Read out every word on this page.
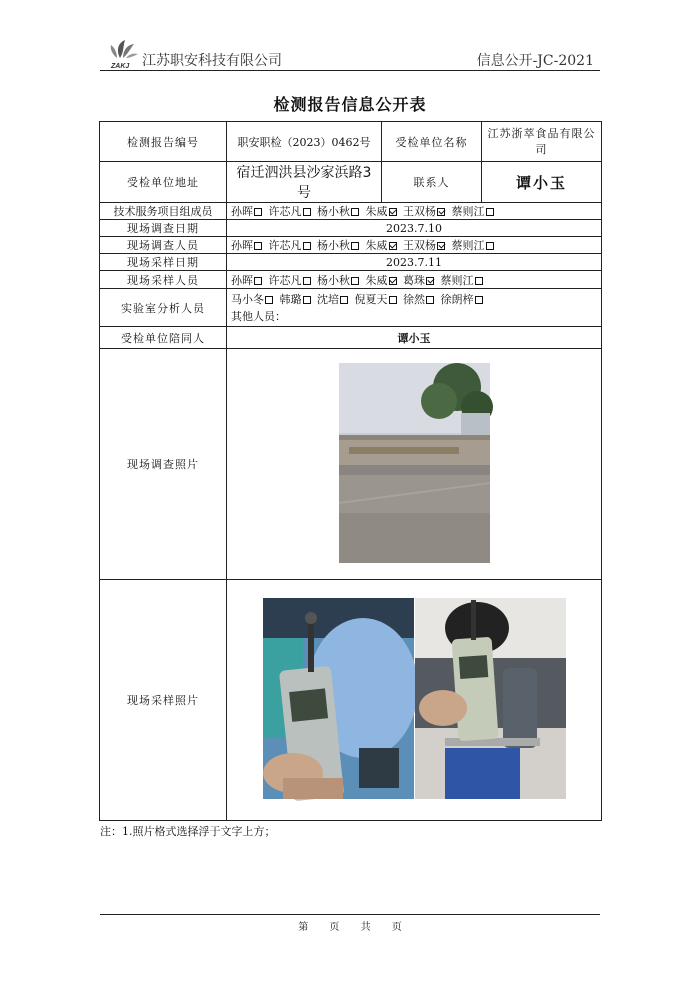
ZAKJ 江苏职安科技有限公司	信息公开-JC-2021
检测报告信息公开表
检测报告编号	职安职检（2023）0462号	受检单位名称	江苏浙萃食品有限公司
受检单位地址	宿迁泗洪县沙家浜路3号	联系人	谭小玉
技术服务项目组成员	孙晖 许芯凡 杨小秋 朱威 王双杨 蔡则江		
现场调查日期	2023.7.10		
现场调查人员	孙晖 许芯凡 杨小秋 朱威 王双杨 蔡则江		
现场采样日期	2023.7.11		
现场采样人员	孙晖 许芯凡 杨小秋 朱威 葛珠 蔡则江		
实验室分析人员	马小冬 韩璐 沈培 倪夏天 徐然 徐朗梓
其他人员：		

受检单位陪同人	谭小玉		
现场调查照片	

现场采样照片	
注：1.照片格式选择浮于文字上方；
第 页 共 页
